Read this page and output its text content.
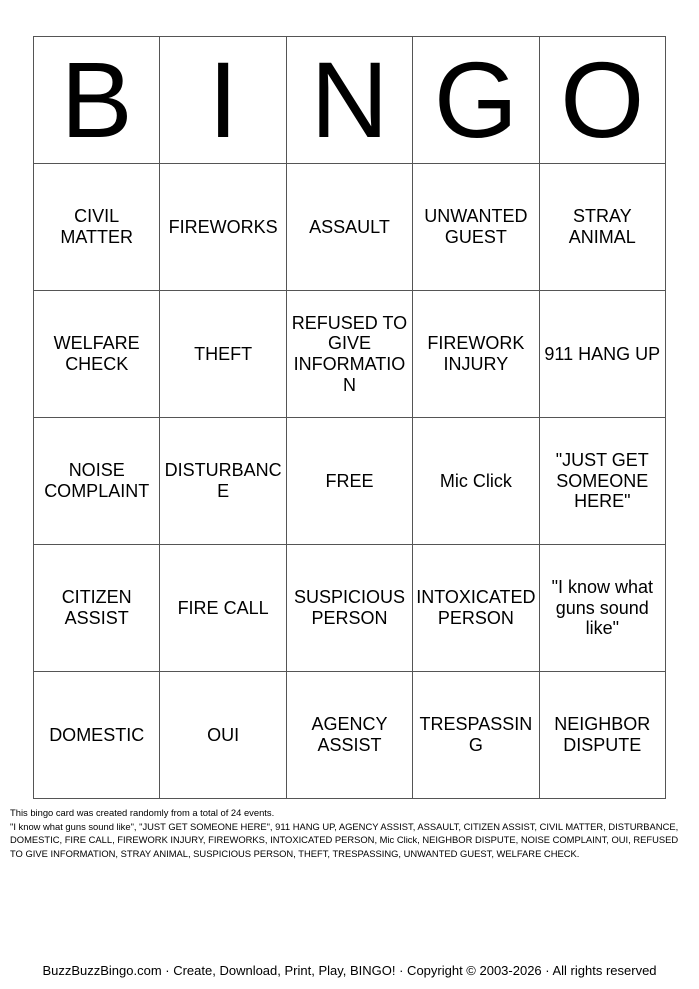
B	I	N	G	O
CIVIL MATTER	FIREWORKS	ASSAULT	UNWANTED GUEST	STRAY ANIMAL
WELFARE CHECK	THEFT	REFUSED TO GIVE INFORMATION	FIREWORK INJURY	911 HANG UP
NOISE COMPLAINT	DISTURBANCE	FREE	Mic Click	"JUST GET SOMEONE HERE"
CITIZEN ASSIST	FIRE CALL	SUSPICIOUS PERSON	INTOXICATED PERSON	"I know what guns sound like"
DOMESTIC	OUI	AGENCY ASSIST	TRESPASSING	NEIGHBOR DISPUTE

This bingo card was created randomly from a total of 24 events.

"I know what guns sound like", "JUST GET SOMEONE HERE", 911 HANG UP, AGENCY ASSIST, ASSAULT, CITIZEN ASSIST, CIVIL MATTER, DISTURBANCE, DOMESTIC, FIRE CALL, FIREWORK INJURY, FIREWORKS, INTOXICATED PERSON, Mic Click, NEIGHBOR DISPUTE, NOISE COMPLAINT, OUI, REFUSED TO GIVE INFORMATION, STRAY ANIMAL, SUSPICIOUS PERSON, THEFT, TRESPASSING, UNWANTED GUEST, WELFARE CHECK.

BuzzBuzzBingo.com · Create, Download, Print, Play, BINGO! · Copyright © 2003-2026 · All rights reserved
